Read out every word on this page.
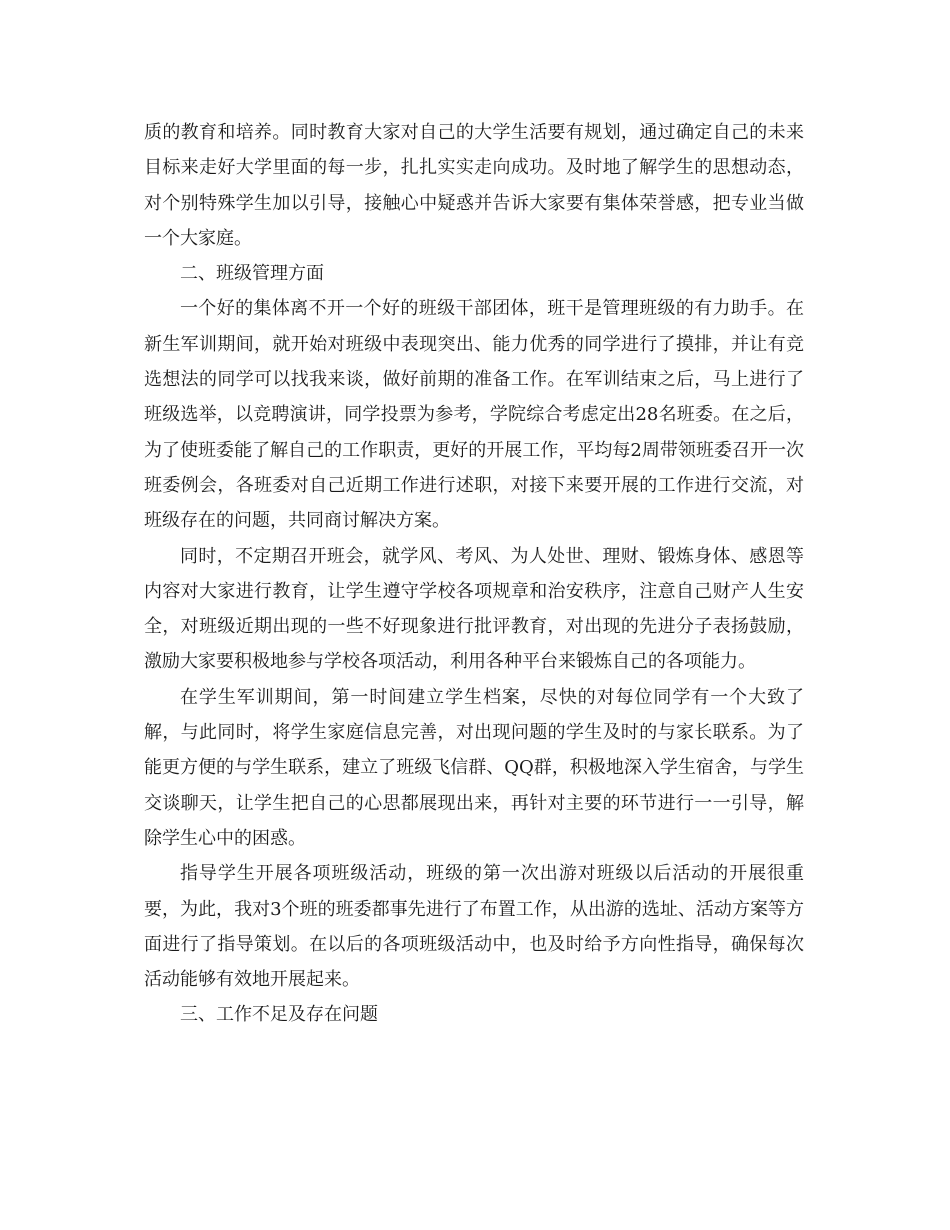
质的教育和培养。同时教育大家对自己的大学生活要有规划，通过确定自己的未来目标来走好大学里面的每一步，扎扎实实走向成功。及时地了解学生的思想动态，对个别特殊学生加以引导，接触心中疑惑并告诉大家要有集体荣誉感，把专业当做一个大家庭。

二、班级管理方面

一个好的集体离不开一个好的班级干部团体，班干是管理班级的有力助手。在新生军训期间，就开始对班级中表现突出、能力优秀的同学进行了摸排，并让有竞选想法的同学可以找我来谈，做好前期的准备工作。在军训结束之后，马上进行了班级选举，以竞聘演讲，同学投票为参考，学院综合考虑定出28名班委。在之后，为了使班委能了解自己的工作职责，更好的开展工作，平均每2周带领班委召开一次班委例会，各班委对自己近期工作进行述职，对接下来要开展的工作进行交流，对班级存在的问题，共同商讨解决方案。

同时，不定期召开班会，就学风、考风、为人处世、理财、锻炼身体、感恩等内容对大家进行教育，让学生遵守学校各项规章和治安秩序，注意自己财产人生安全，对班级近期出现的一些不好现象进行批评教育，对出现的先进分子表扬鼓励，激励大家要积极地参与学校各项活动，利用各种平台来锻炼自己的各项能力。

在学生军训期间，第一时间建立学生档案，尽快的对每位同学有一个大致了解，与此同时，将学生家庭信息完善，对出现问题的学生及时的与家长联系。为了能更方便的与学生联系，建立了班级飞信群、QQ群，积极地深入学生宿舍，与学生交谈聊天，让学生把自己的心思都展现出来，再针对主要的环节进行一一引导，解除学生心中的困惑。

指导学生开展各项班级活动，班级的第一次出游对班级以后活动的开展很重要，为此，我对3个班的班委都事先进行了布置工作，从出游的选址、活动方案等方面进行了指导策划。在以后的各项班级活动中，也及时给予方向性指导，确保每次活动能够有效地开展起来。

三、工作不足及存在问题
